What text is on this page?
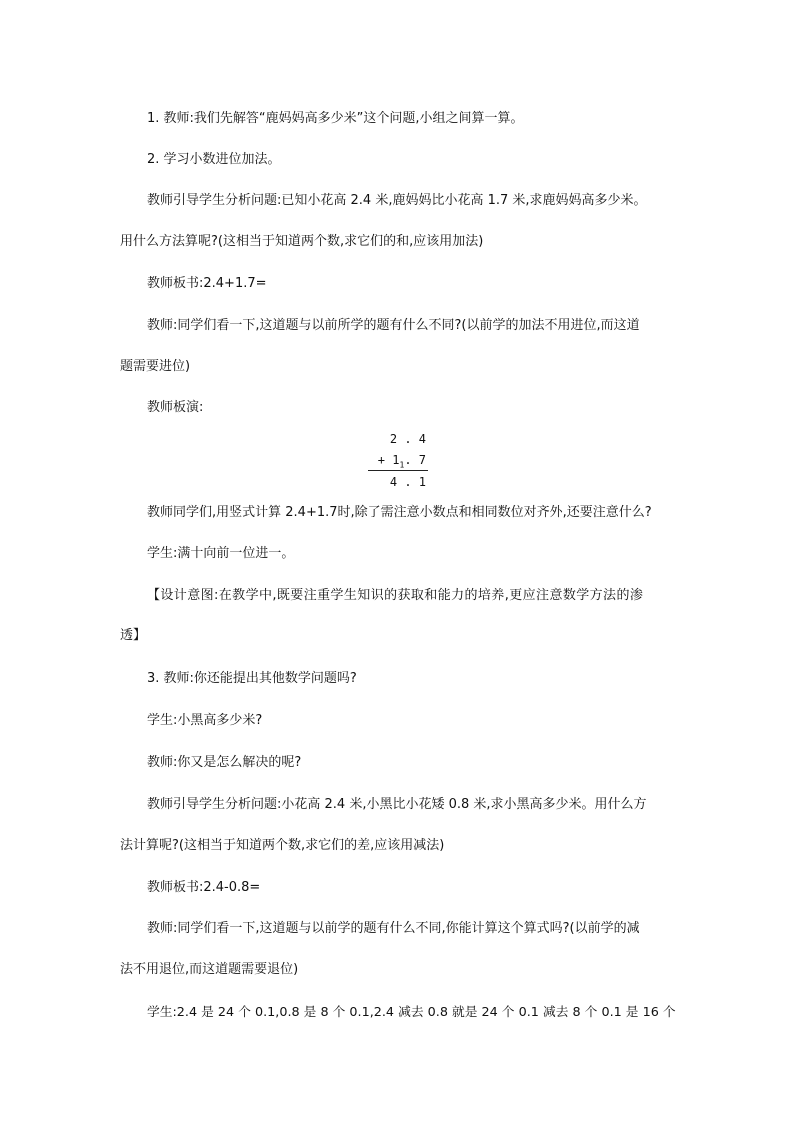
1. 教师:我们先解答“鹿妈妈高多少米”这个问题,小组之间算一算。
2. 学习小数进位加法。
教师引导学生分析问题:已知小花高 2.4 米,鹿妈妈比小花高 1.7 米,求鹿妈妈高多少米。
用什么方法算呢?(这相当于知道两个数,求它们的和,应该用加法)
教师板书:2.4+1.7=
教师:同学们看一下,这道题与以前所学的题有什么不同?(以前学的加法不用进位,而这道
题需要进位)
教师板演:
2 . 4
+ $1_1$. 7
4 . 1
教师同学们,用竖式计算 2.4+1.7时,除了需注意小数点和相同数位对齐外,还要注意什么?
学生:满十向前一位进一。
【设计意图:在教学中,既要注重学生知识的获取和能力的培养,更应注意数学方法的渗
透】
3. 教师:你还能提出其他数学问题吗?
学生:小黑高多少米?
教师:你又是怎么解决的呢?
教师引导学生分析问题:小花高 2.4 米,小黑比小花矮 0.8 米,求小黑高多少米。用什么方
法计算呢?(这相当于知道两个数,求它们的差,应该用减法)
教师板书:2.4-0.8=
教师:同学们看一下,这道题与以前学的题有什么不同,你能计算这个算式吗?(以前学的减
法不用退位,而这道题需要退位)
学生:2.4 是 24 个 0.1,0.8 是 8 个 0.1,2.4 减去 0.8 就是 24 个 0.1 减去 8 个 0.1 是 16 个
